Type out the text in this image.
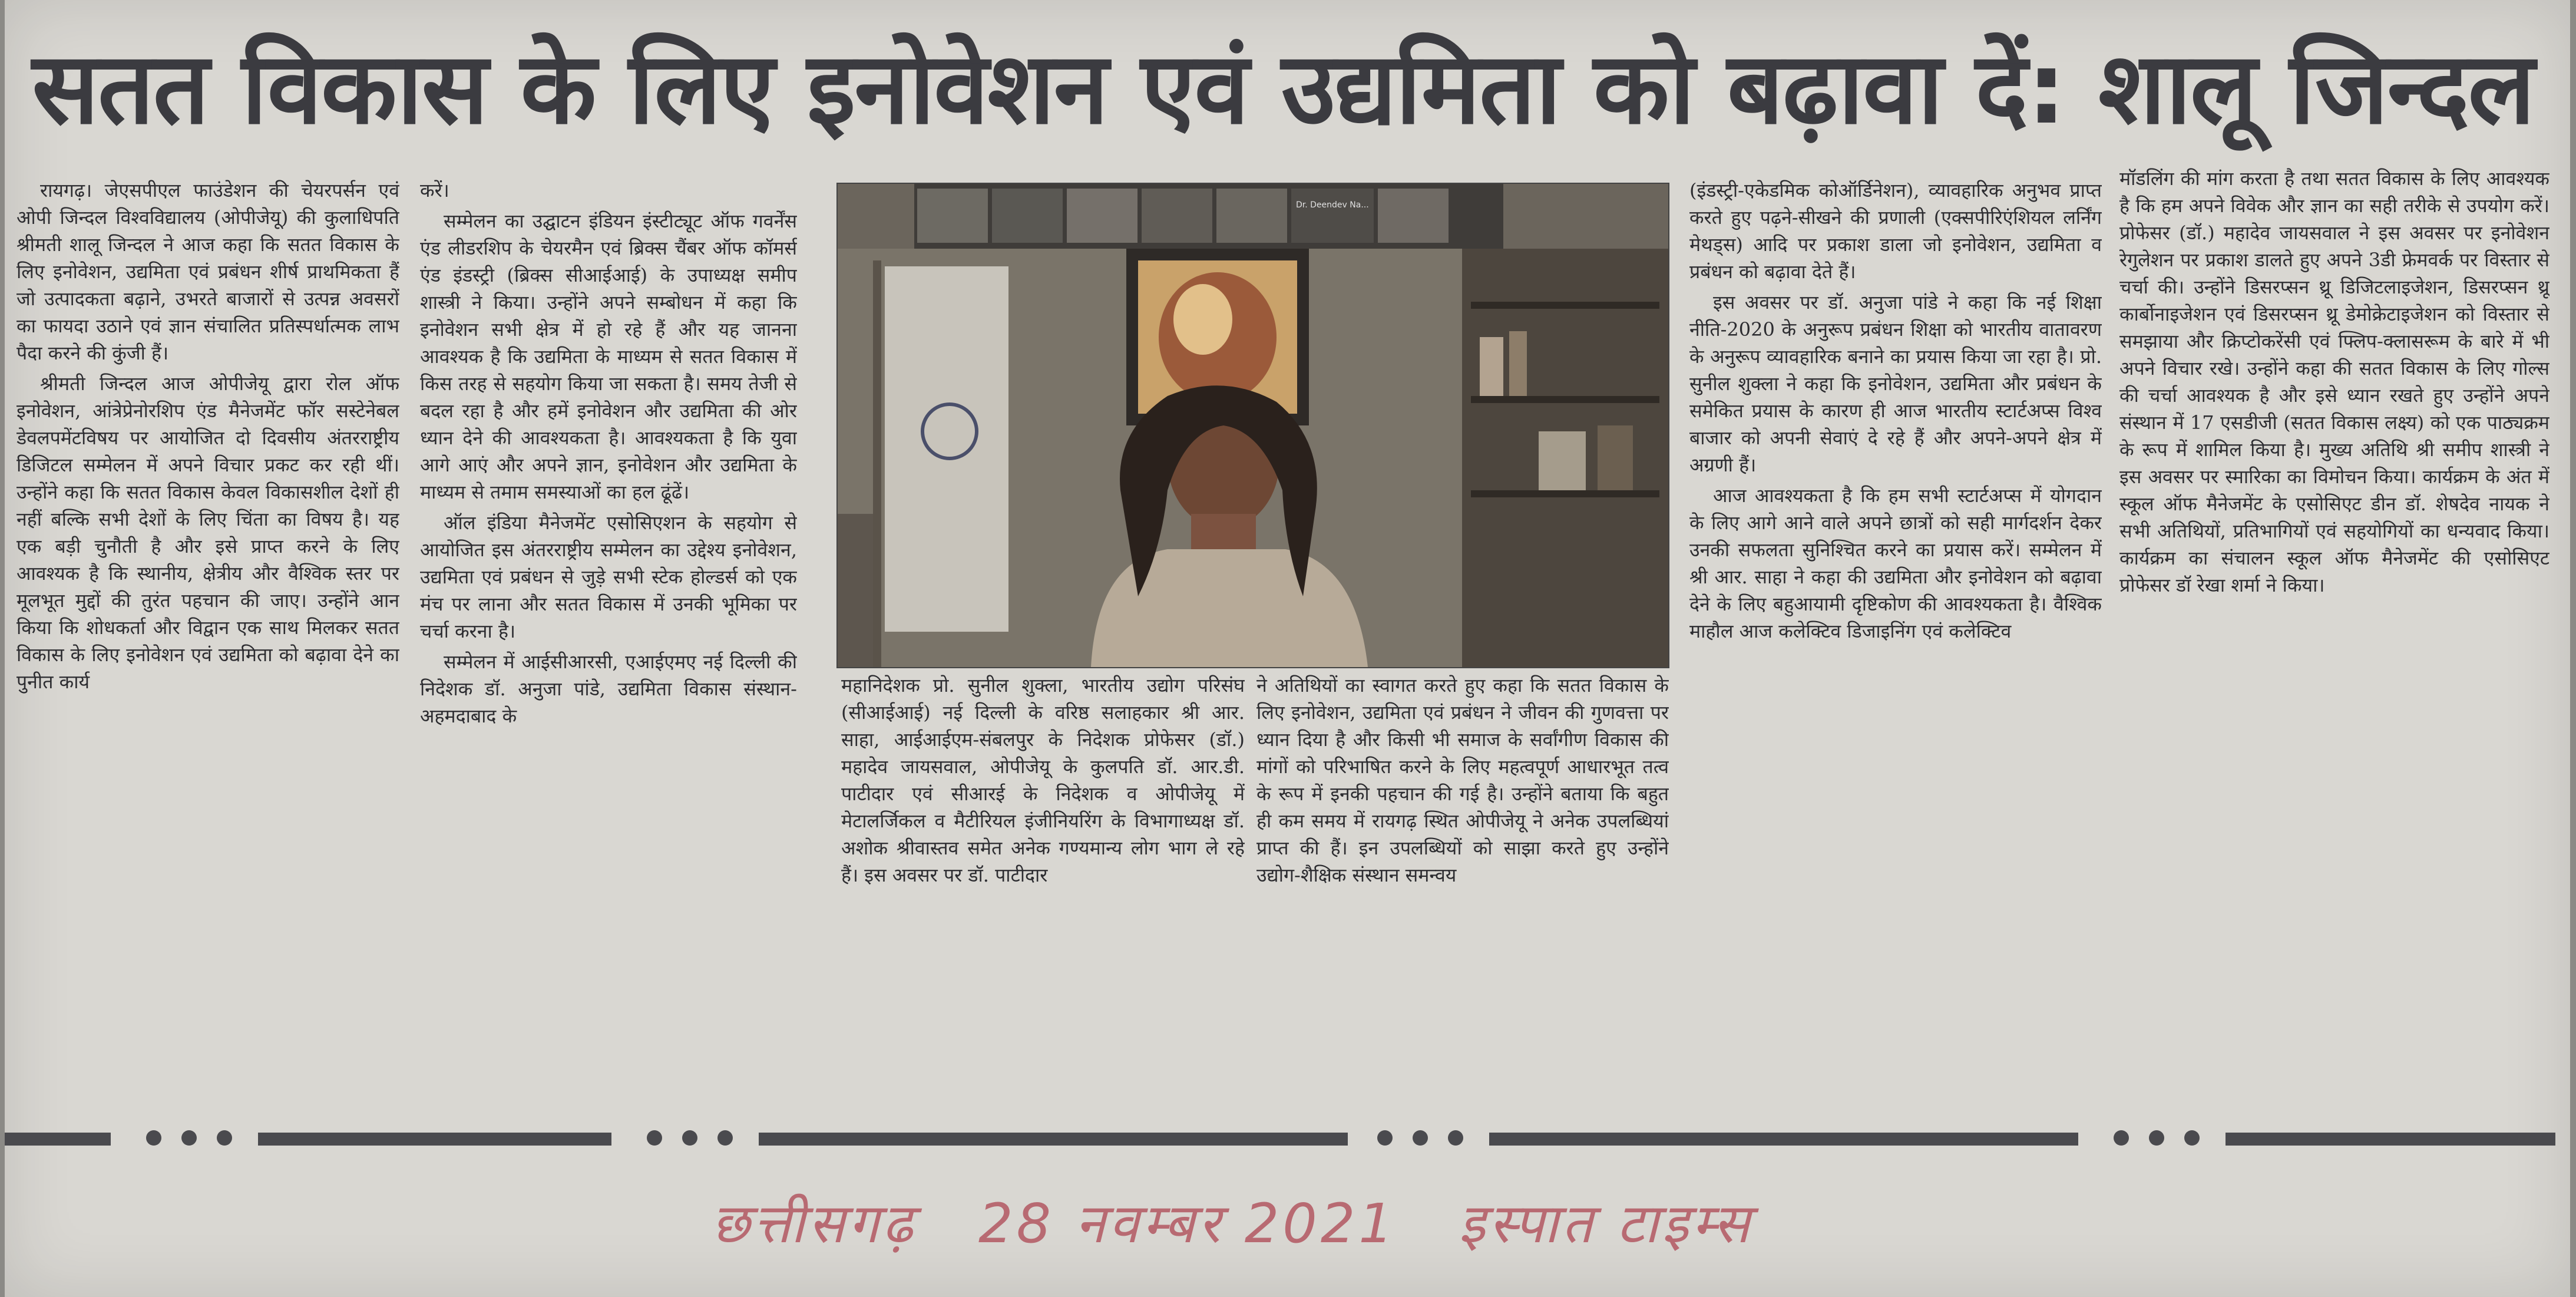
सतत विकास के लिए इनोवेशन एवं उद्यमिता को बढ़ावा दें: शालू जिन्दल

रायगढ़। जेएसपीएल फाउंडेशन की चेयरपर्सन एवं ओपी जिन्दल विश्वविद्यालय (ओपीजेयू) की कुलाधिपति श्रीमती शालू जिन्दल ने आज कहा कि सतत विकास के लिए इनोवेशन, उद्यमिता एवं प्रबंधन शीर्ष प्राथमिकता हैं जो उत्पादकता बढ़ाने, उभरते बाजारों से उत्पन्न अवसरों का फायदा उठाने एवं ज्ञान संचालित प्रतिस्पर्धात्मक लाभ पैदा करने की कुंजी हैं।

श्रीमती जिन्दल आज ओपीजेयू द्वारा रोल ऑफ इनोवेशन, आंत्रेप्रेनोरशिप एंड मैनेजमेंट फॉर सस्टेनेबल डेवलपमेंटविषय पर आयोजित दो दिवसीय अंतरराष्ट्रीय डिजिटल सम्मेलन में अपने विचार प्रकट कर रही थीं। उन्होंने कहा कि सतत विकास केवल विकासशील देशों ही नहीं बल्कि सभी देशों के लिए चिंता का विषय है। यह एक बड़ी चुनौती है और इसे प्राप्त करने के लिए आवश्यक है कि स्थानीय, क्षेत्रीय और वैश्विक स्तर पर मूलभूत मुद्दों की तुरंत पहचान की जाए। उन्होंने आन किया कि शोधकर्ता और विद्वान एक साथ मिलकर सतत विकास के लिए इनोवेशन एवं उद्यमिता को बढ़ावा देने का पुनीत कार्य

करें।

सम्मेलन का उद्घाटन इंडियन इंस्टीट्यूट ऑफ गवर्नेंस एंड लीडरशिप के चेयरमैन एवं ब्रिक्स चैंबर ऑफ कॉमर्स एंड इंडस्ट्री (ब्रिक्स सीआईआई) के उपाध्यक्ष समीप शास्त्री ने किया। उन्होंने अपने सम्बोधन में कहा कि इनोवेशन सभी क्षेत्र में हो रहे हैं और यह जानना आवश्यक है कि उद्यमिता के माध्यम से सतत विकास में किस तरह से सहयोग किया जा सकता है। समय तेजी से बदल रहा है और हमें इनोवेशन और उद्यमिता की ओर ध्यान देने की आवश्यकता है। आवश्यकता है कि युवा आगे आएं और अपने ज्ञान, इनोवेशन और उद्यमिता के माध्यम से तमाम समस्याओं का हल ढूंढें।

ऑल इंडिया मैनेजमेंट एसोसिएशन के सहयोग से आयोजित इस अंतरराष्ट्रीय सम्मेलन का उद्देश्य इनोवेशन, उद्यमिता एवं प्रबंधन से जुड़े सभी स्टेक होल्डर्स को एक मंच पर लाना और सतत विकास में उनकी भूमिका पर चर्चा करना है।

सम्मेलन में आईसीआरसी, एआईएमए नई दिल्ली की निदेशक डॉ. अनुजा पांडे, उद्यमिता विकास संस्थान-अहमदाबाद के

Dr. Deendev Na...

महानिदेशक प्रो. सुनील शुक्ला, भारतीय उद्योग परिसंघ (सीआईआई) नई दिल्ली के वरिष्ठ सलाहकार श्री आर. साहा, आईआईएम-संबलपुर के निदेशक प्रोफेसर (डॉ.) महादेव जायसवाल, ओपीजेयू के कुलपति डॉ. आर.डी. पाटीदार एवं सीआरई के निदेशक व ओपीजेयू में मेटालर्जिकल व मैटीरियल इंजीनियरिंग के विभागाध्यक्ष डॉ. अशोक श्रीवास्तव समेत अनेक गण्यमान्य लोग भाग ले रहे हैं। इस अवसर पर डॉ. पाटीदार

ने अतिथियों का स्वागत करते हुए कहा कि सतत विकास के लिए इनोवेशन, उद्यमिता एवं प्रबंधन ने जीवन की गुणवत्ता पर ध्यान दिया है और किसी भी समाज के सर्वांगीण विकास की मांगों को परिभाषित करने के लिए महत्वपूर्ण आधारभूत तत्व के रूप में इनकी पहचान की गई है। उन्होंने बताया कि बहुत ही कम समय में रायगढ़ स्थित ओपीजेयू ने अनेक उपलब्धियां प्राप्त की हैं। इन उपलब्धियों को साझा करते हुए उन्होंने उद्योग-शैक्षिक संस्थान समन्वय

(इंडस्ट्री-एकेडमिक कोऑर्डिनेशन), व्यावहारिक अनुभव प्राप्त करते हुए पढ़ने-सीखने की प्रणाली (एक्सपीरिएंशियल लर्निंग मेथड्स) आदि पर प्रकाश डाला जो इनोवेशन, उद्यमिता व प्रबंधन को बढ़ावा देते हैं।

इस अवसर पर डॉ. अनुजा पांडे ने कहा कि नई शिक्षा नीति-2020 के अनुरूप प्रबंधन शिक्षा को भारतीय वातावरण के अनुरूप व्यावहारिक बनाने का प्रयास किया जा रहा है। प्रो. सुनील शुक्ला ने कहा कि इनोवेशन, उद्यमिता और प्रबंधन के समेकित प्रयास के कारण ही आज भारतीय स्टार्टअप्स विश्व बाजार को अपनी सेवाएं दे रहे हैं और अपने-अपने क्षेत्र में अग्रणी हैं।

आज आवश्यकता है कि हम सभी स्टार्टअप्स में योगदान के लिए आगे आने वाले अपने छात्रों को सही मार्गदर्शन देकर उनकी सफलता सुनिश्चित करने का प्रयास करें। सम्मेलन में श्री आर. साहा ने कहा की उद्यमिता और इनोवेशन को बढ़ावा देने के लिए बहुआयामी दृष्टिकोण की आवश्यकता है। वैश्विक माहौल आज कलेक्टिव डिजाइनिंग एवं कलेक्टिव

मॉडलिंग की मांग करता है तथा सतत विकास के लिए आवश्यक है कि हम अपने विवेक और ज्ञान का सही तरीके से उपयोग करें। प्रोफेसर (डॉ.) महादेव जायसवाल ने इस अवसर पर इनोवेशन रेगुलेशन पर प्रकाश डालते हुए अपने 3डी फ्रेमवर्क पर विस्तार से चर्चा की। उन्होंने डिसरप्सन थ्रू डिजिटलाइजेशन, डिसरप्सन थ्रू कार्बोनाइजेशन एवं डिसरप्सन थ्रू डेमोक्रेटाइजेशन को विस्तार से समझाया और क्रिप्टोकरेंसी एवं फ्लिप-क्लासरूम के बारे में भी अपने विचार रखे। उन्होंने कहा की सतत विकास के लिए गोल्स की चर्चा आवश्यक है और इसे ध्यान रखते हुए उन्होंने अपने संस्थान में 17 एसडीजी (सतत विकास लक्ष्य) को एक पाठ्यक्रम के रूप में शामिल किया है। मुख्य अतिथि श्री समीप शास्त्री ने इस अवसर पर स्मारिका का विमोचन किया। कार्यक्रम के अंत में स्कूल ऑफ मैनेजमेंट के एसोसिएट डीन डॉ. शेषदेव नायक ने सभी अतिथियों, प्रतिभागियों एवं सहयोगियों का धन्यवाद किया। कार्यक्रम का संचालन स्कूल ऑफ मैनेजमेंट की एसोसिएट प्रोफेसर डॉ रेखा शर्मा ने किया।

छत्तीसगढ़ 28 नवम्बर 2021 इस्पात टाइम्स
